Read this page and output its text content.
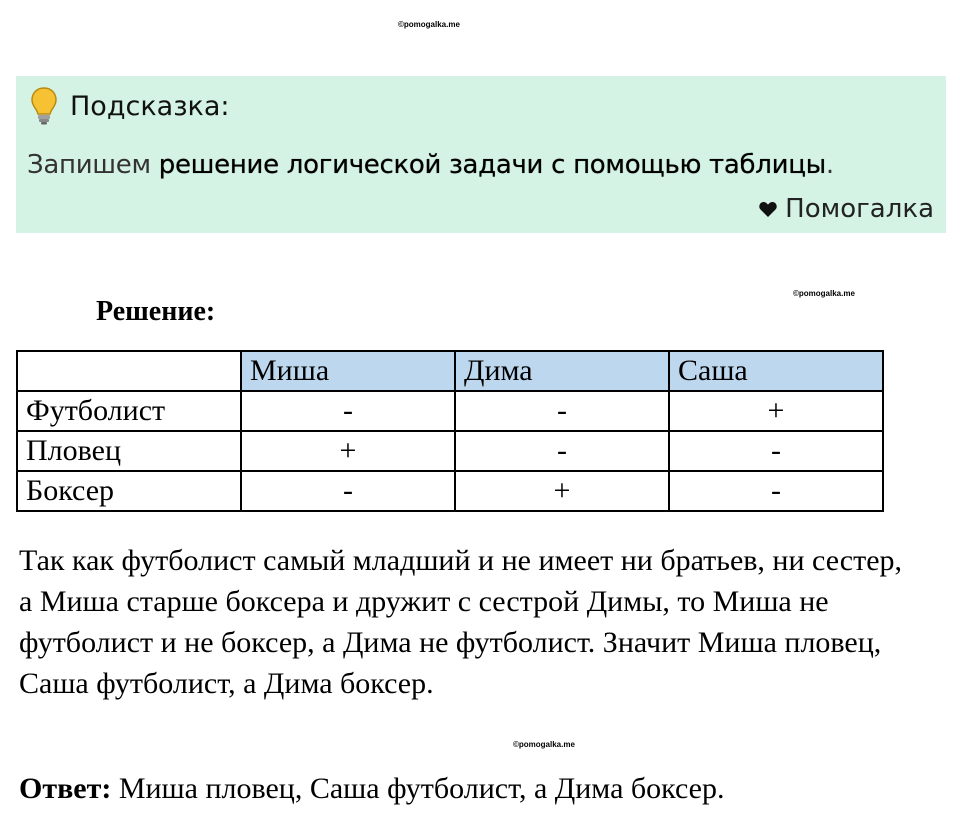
©pomogalka.me
Подсказка:
Запишем решение логической задачи с помощью таблицы.
Помогалка
©pomogalka.me
Решение:
	Миша	Дима	Саша
Футболист	-	-	+
Пловец	+	-	-
Боксер	-	+	-
Так как футболист самый младший и не имеет ни братьев, ни сестер, а Миша старше боксера и дружит с сестрой Димы, то Миша не футболист и не боксер, а Дима не футболист. Значит Миша пловец, Саша футболист, а Дима боксер.
©pomogalka.me
Ответ: Миша пловец, Саша футболист, а Дима боксер.
